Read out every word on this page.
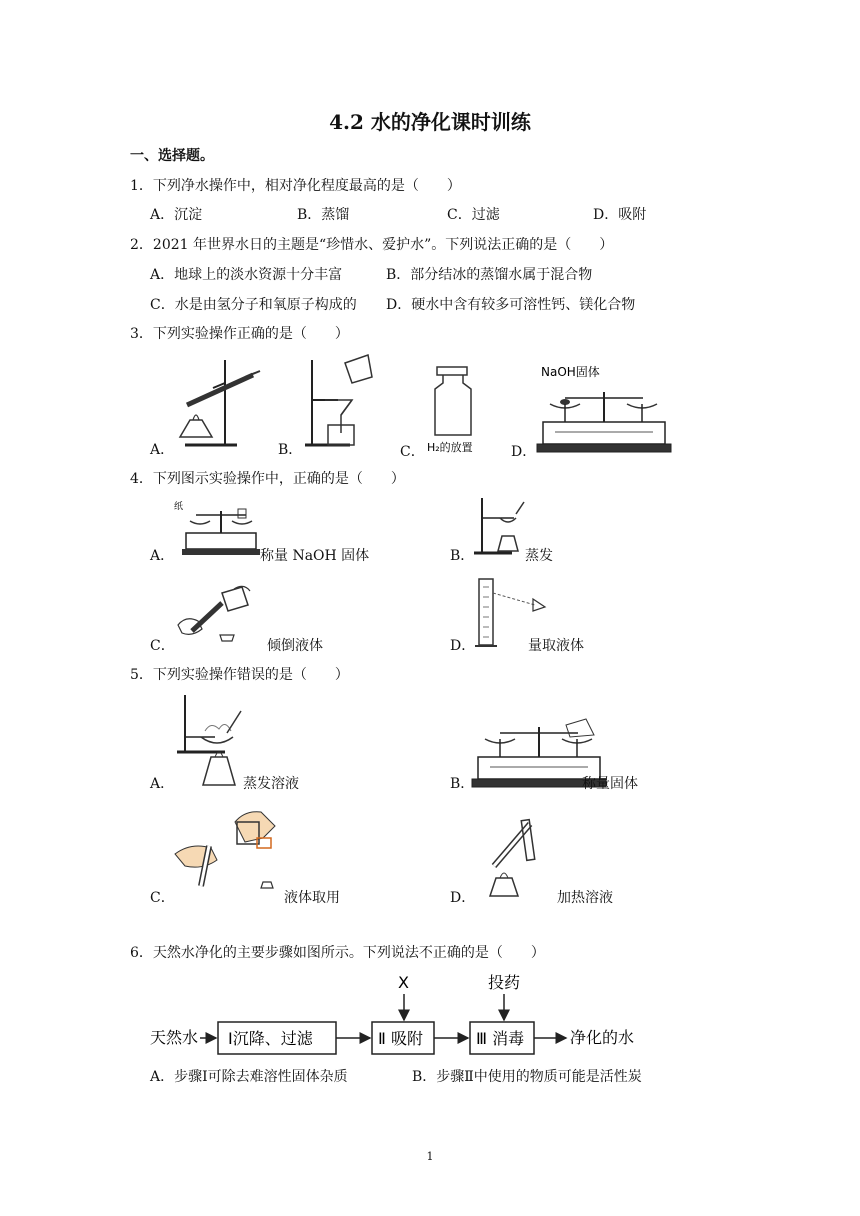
4.2 水的净化课时训练
一、选择题。
1．下列净水操作中，相对净化程度最高的是（　　）
A．沉淀	B．蒸馏	C．过滤	D．吸附
2．2021 年世界水日的主题是“珍惜水、爱护水”。下列说法正确的是（　　）
A．地球上的淡水资源十分丰富	B．部分结冰的蒸馏水属于混合物
C．水是由氢分子和氧原子构成的 D．硬水中含有较多可溶性钙、镁化合物
3．下列实验操作正确的是（　　）
A．	B．	H₂的放置
C．
NaOH固体
D．
4．下列图示实验操作中，正确的是（　　）
纸
A．	称量 NaOH 固体	B．	蒸发
C．	倾倒液体	D．	量取液体
5．下列实验操作错误的是（　　）
A．	蒸发溶液	B．	称量固体
C．	液体取用	D．	加热溶液
6．天然水净化的主要步骤如图所示。下列说法不正确的是（　　）
天然水 Ⅰ沉降、过滤	Ⅱ 吸附
X
Ⅲ 消毒
投药
净化的水
A．步骤Ⅰ可除去难溶性固体杂质	B．步骤Ⅱ中使用的物质可能是活性炭
1
